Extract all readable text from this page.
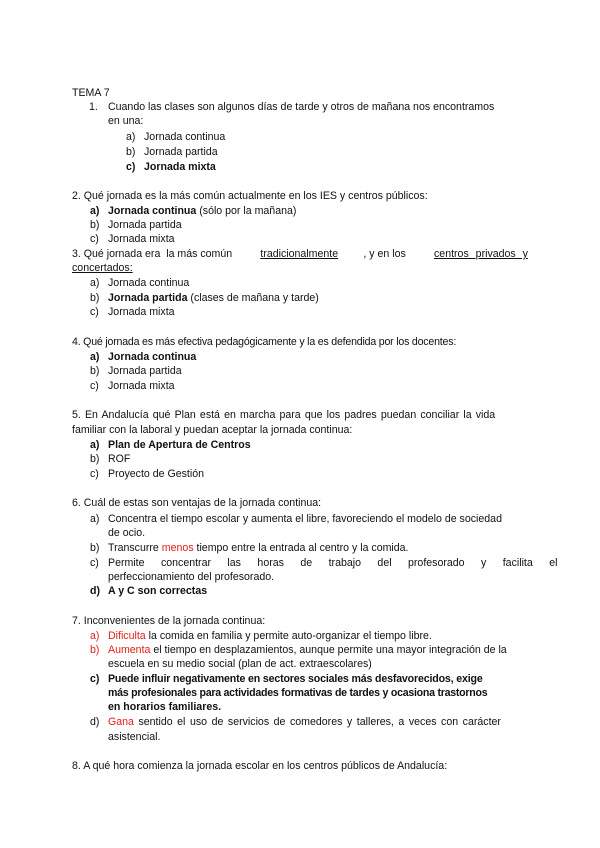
TEMA 7
1. Cuando las clases son algunos días de tarde y otros de mañana nos encontramos
en una:
a) Jornada continua
b) Jornada partida
c) Jornada mixta
2. Qué jornada es la más común actualmente en los IES y centros públicos:
a) Jornada continua (sólo por la mañana)
b) Jornada partida
c) Jornada mixta
3. Qué jornada era  la más común tradicionalmente , y en los centros privados y
concertados:
a) Jornada continua
b) Jornada partida (clases de mañana y tarde)
c) Jornada mixta
4. Qué jornada es más efectiva pedagógicamente y la es defendida por los docentes:
a) Jornada continua
b) Jornada partida
c) Jornada mixta
5. En Andalucía qué Plan está en marcha para que los padres puedan conciliar la vida
familiar con la laboral y puedan aceptar la jornada continua:
a) Plan de Apertura de Centros
b) ROF
c) Proyecto de Gestión
6. Cuál de estas son ventajas de la jornada continua:
a) Concentra el tiempo escolar y aumenta el libre, favoreciendo el modelo de sociedad
de ocio.
b) Transcurre menos tiempo entre la entrada al centro y la comida.
c) Permite concentrar las horas de trabajo del profesorado y facilita el
perfeccionamiento del profesorado.
d) A y C son correctas
7. Inconvenientes de la jornada continua:
a) Dificulta la comida en familia y permite auto-organizar el tiempo libre.
b) Aumenta el tiempo en desplazamientos, aunque permite una mayor integración de la
escuela en su medio social (plan de act. extraescolares)
c) Puede influir negativamente en sectores sociales más desfavorecidos, exige
más profesionales para actividades formativas de tardes y ocasiona trastornos
en horarios familiares.
d) Gana sentido el uso de servicios de comedores y talleres, a veces con carácter
asistencial.
8. A qué hora comienza la jornada escolar en los centros públicos de Andalucía:
